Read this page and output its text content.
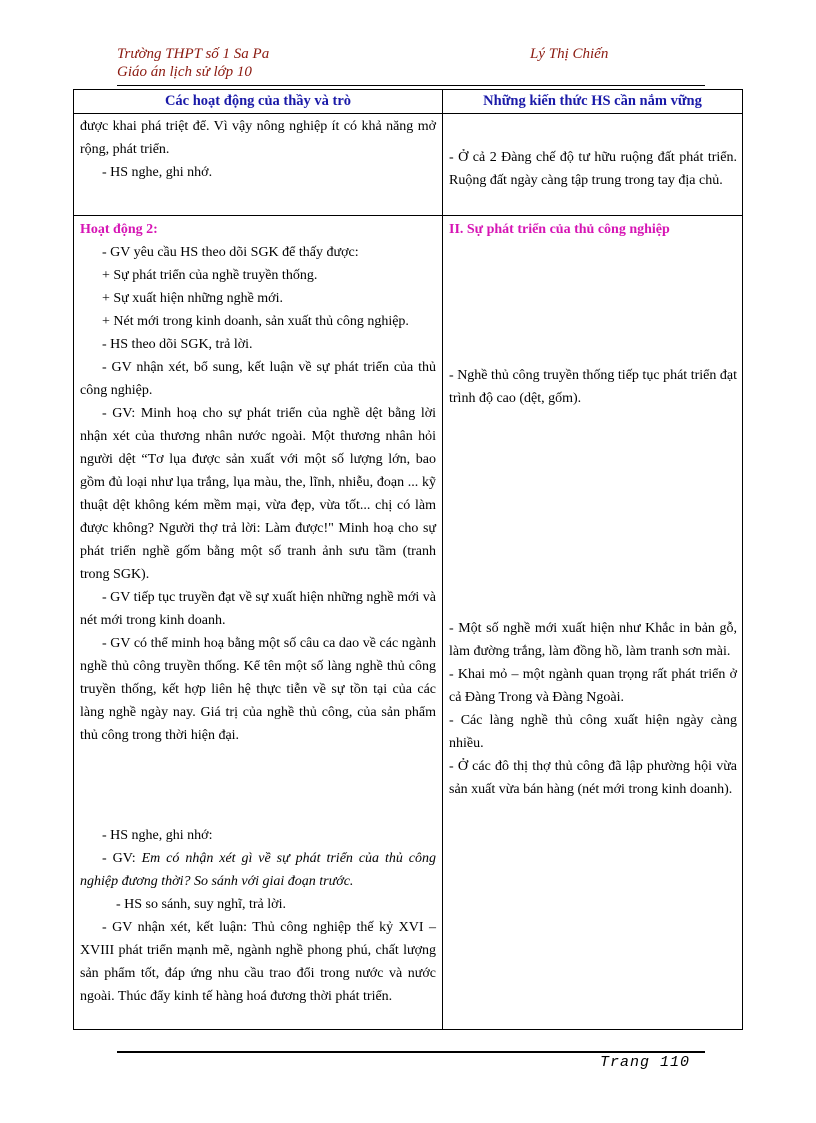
Trường THPT số 1 Sa Pa	Lý Thị Chiến
Giáo án lịch sử lớp 10
Các hoạt động của thầy và trò	Những kiến thức HS cần nắm vững

được khai phá triệt để. Vì vậy nông nghiệp ít có khả năng mở rộng, phát triển.

- HS nghe, ghi nhớ.

- Ở cả 2 Đàng chế độ tư hữu ruộng đất phát triển. Ruộng đất ngày càng tập trung trong tay địa chủ.

Hoạt động 2:

- GV yêu cầu HS theo dõi SGK để thấy được:

+ Sự phát triển của nghề truyền thống.

+ Sự xuất hiện những nghề mới.

+ Nét mới trong kinh doanh, sản xuất thủ công nghiệp.

- HS theo dõi SGK, trả lời.

- GV nhận xét, bổ sung, kết luận về sự phát triển của thủ công nghiệp.

- GV: Minh hoạ cho sự phát triển của nghề dệt bằng lời nhận xét của thương nhân nước ngoài. Một thương nhân hỏi người dệt “Tơ lụa được sản xuất với một số lượng lớn, bao gồm đủ loại như lụa trắng, lụa màu, the, lĩnh, nhiễu, đoạn ... kỹ thuật dệt không kém mềm mại, vừa đẹp, vừa tốt... chị có làm được không? Người thợ trả lời: Làm được!" Minh hoạ cho sự phát triển nghề gốm bằng một số tranh ảnh sưu tầm (tranh trong SGK).

- GV tiếp tục truyền đạt về sự xuất hiện những nghề mới và nét mới trong kinh doanh.

- GV có thể minh hoạ bằng một số câu ca dao về các ngành nghề thủ công truyền thống. Kể tên một số làng nghề thủ công truyền thống, kết hợp liên hệ thực tiễn về sự tồn tại của các làng nghề ngày nay. Giá trị của nghề thủ công, của sản phẩm thủ công trong thời hiện đại.

- HS nghe, ghi nhớ:

- GV: Em có nhận xét gì về sự phát triển của thủ công nghiệp đương thời? So sánh với giai đoạn trước.

- HS so sánh, suy nghĩ, trả lời.

- GV nhận xét, kết luận: Thủ công nghiệp thế kỷ XVI – XVIII phát triển mạnh mẽ, ngành nghề phong phú, chất lượng sản phẩm tốt, đáp ứng nhu cầu trao đổi trong nước và nước ngoài. Thúc đẩy kinh tế hàng hoá đương thời phát triển.

II. Sự phát triển của thủ công nghiệp

- Nghề thủ công truyền thống tiếp tục phát triển đạt trình độ cao (dệt, gốm).

- Một số nghề mới xuất hiện như Khắc in bản gỗ, làm đường trắng, làm đồng hồ, làm tranh sơn mài.

- Khai mỏ – một ngành quan trọng rất phát triển ở cả Đàng Trong và Đàng Ngoài.

- Các làng nghề thủ công xuất hiện ngày càng nhiều.

- Ở các đô thị thợ thủ công đã lập phường hội vừa sản xuất vừa bán hàng (nét mới trong kinh doanh).

Trang 110
